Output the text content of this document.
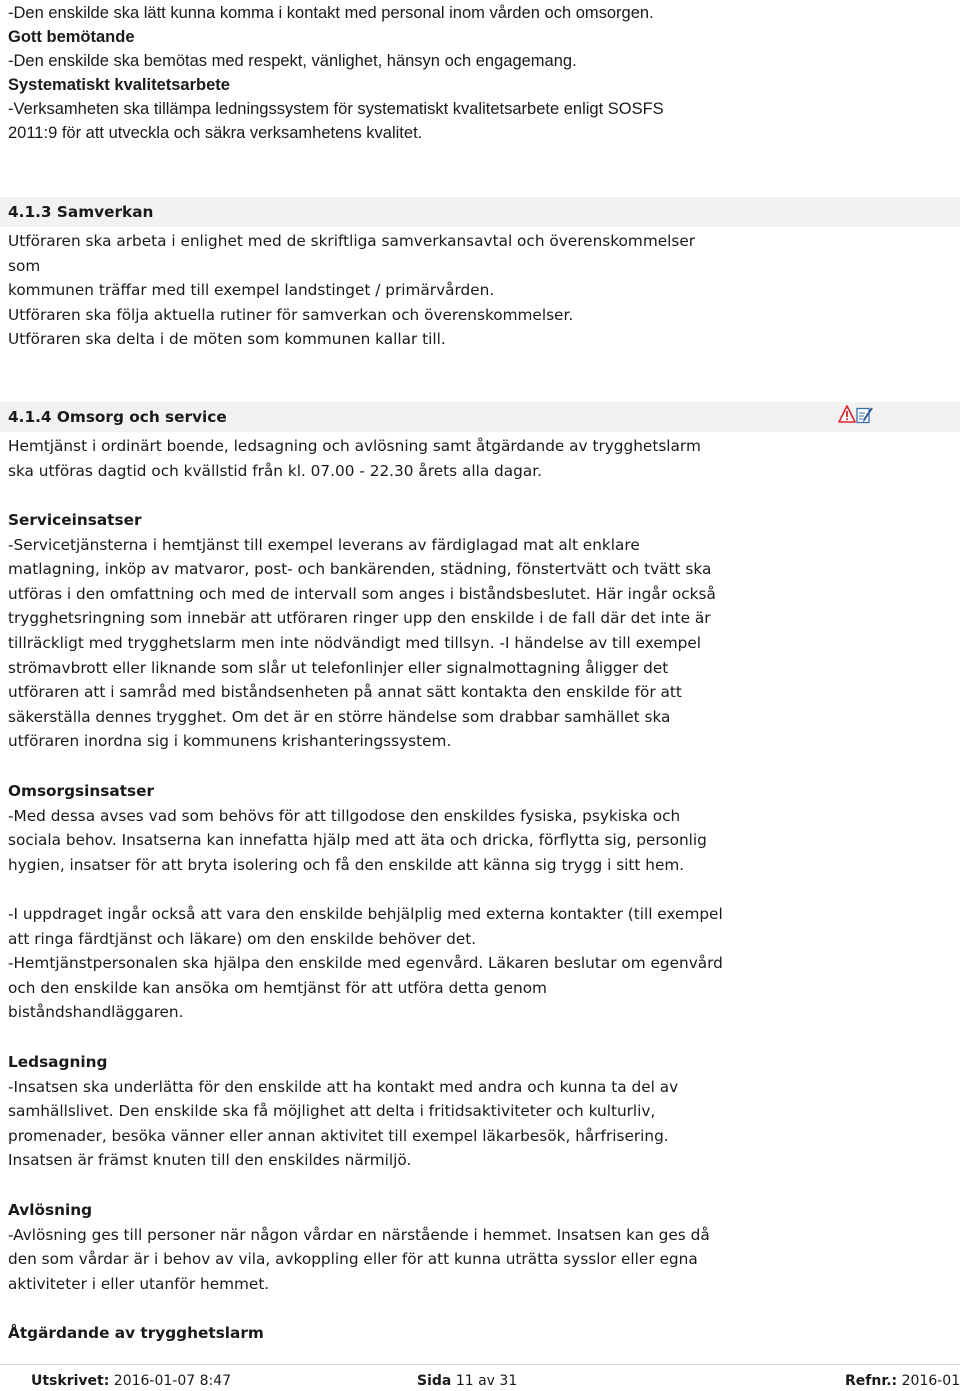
-Den enskilde ska lätt kunna komma i kontakt med personal inom vården och omsorgen.
Gott bemötande
-Den enskilde ska bemötas med respekt, vänlighet, hänsyn och engagemang.
Systematiskt kvalitetsarbete
-Verksamheten ska tillämpa ledningssystem för systematiskt kvalitetsarbete enligt SOSFS
2011:9 för att utveckla och säkra verksamhetens kvalitet.
4.1.3 Samverkan
Utföraren ska arbeta i enlighet med de skriftliga samverkansavtal och överenskommelser
som
kommunen träffar med till exempel landstinget / primärvården.
Utföraren ska följa aktuella rutiner för samverkan och överenskommelser.
Utföraren ska delta i de möten som kommunen kallar till.
4.1.4 Omsorg och service
Hemtjänst i ordinärt boende, ledsagning och avlösning samt åtgärdande av trygghetslarm
ska utföras dagtid och kvällstid från kl. 07.00 - 22.30 årets alla dagar.
Serviceinsatser
-Servicetjänsterna i hemtjänst till exempel leverans av färdiglagad mat alt enklare
matlagning, inköp av matvaror, post- och bankärenden, städning, fönstertvätt och tvätt ska
utföras i den omfattning och med de intervall som anges i biståndsbeslutet. Här ingår också
trygghetsringning som innebär att utföraren ringer upp den enskilde i de fall där det inte är
tillräckligt med trygghetslarm men inte nödvändigt med tillsyn. -I händelse av till exempel
strömavbrott eller liknande som slår ut telefonlinjer eller signalmottagning åligger det
utföraren att i samråd med biståndsenheten på annat sätt kontakta den enskilde för att
säkerställa dennes trygghet. Om det är en större händelse som drabbar samhället ska
utföraren inordna sig i kommunens krishanteringssystem.
Omsorgsinsatser
-Med dessa avses vad som behövs för att tillgodose den enskildes fysiska, psykiska och
sociala behov. Insatserna kan innefatta hjälp med att äta och dricka, förflytta sig, personlig
hygien, insatser för att bryta isolering och få den enskilde att känna sig trygg i sitt hem.
-I uppdraget ingår också att vara den enskilde behjälplig med externa kontakter (till exempel
att ringa färdtjänst och läkare) om den enskilde behöver det.
-Hemtjänstpersonalen ska hjälpa den enskilde med egenvård. Läkaren beslutar om egenvård
och den enskilde kan ansöka om hemtjänst för att utföra detta genom
biståndshandläggaren.
Ledsagning
-Insatsen ska underlätta för den enskilde att ha kontakt med andra och kunna ta del av
samhällslivet. Den enskilde ska få möjlighet att delta i fritidsaktiviteter och kulturliv,
promenader, besöka vänner eller annan aktivitet till exempel läkarbesök, hårfrisering.
Insatsen är främst knuten till den enskildes närmiljö.
Avlösning
-Avlösning ges till personer när någon vårdar en närstående i hemmet. Insatsen kan ges då
den som vårdar är i behov av vila, avkoppling eller för att kunna uträtta sysslor eller egna
aktiviteter i eller utanför hemmet.
Åtgärdande av trygghetslarm
Utskrivet: 2016-01-07 8:47	Sida 11 av 31	Refnr.: 2016-01
